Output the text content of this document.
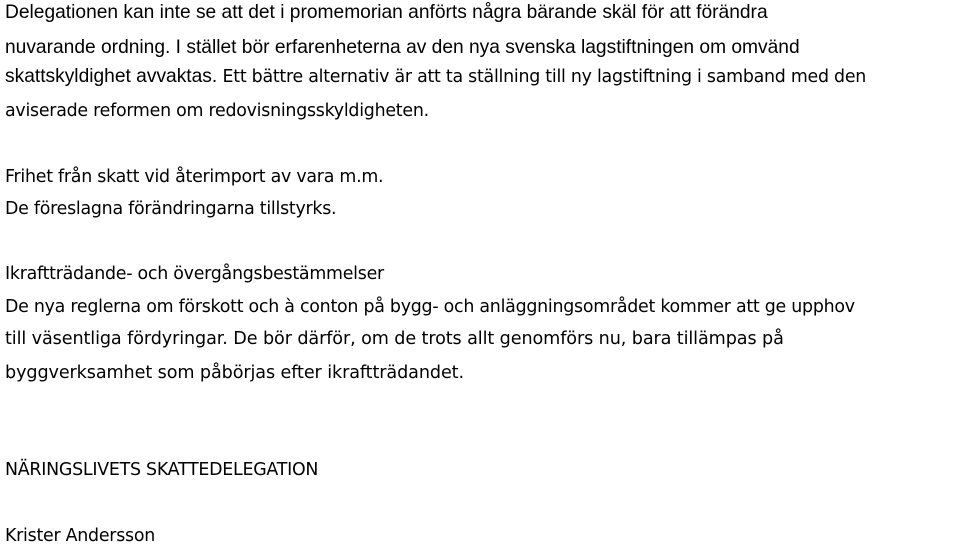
Delegationen kan inte se att det i promemorian anförts några bärande skäl för att förändra
nuvarande ordning. I stället bör erfarenheterna av den nya svenska lagstiftningen om omvänd
skattskyldighet avvaktas. Ett bättre alternativ är att ta ställning till ny lagstiftning i samband med den
aviserade reformen om redovisningsskyldigheten.
Frihet från skatt vid återimport av vara m.m.
De föreslagna förändringarna tillstyrks.
Ikraftträdande- och övergångsbestämmelser
De nya reglerna om förskott och à conton på bygg- och anläggningsområdet kommer att ge upphov
till väsentliga fördyringar. De bör därför, om de trots allt genomförs nu, bara tillämpas på
byggverksamhet som påbörjas efter ikraftträdandet.
NÄRINGSLIVETS SKATTEDELEGATION
Krister Andersson
